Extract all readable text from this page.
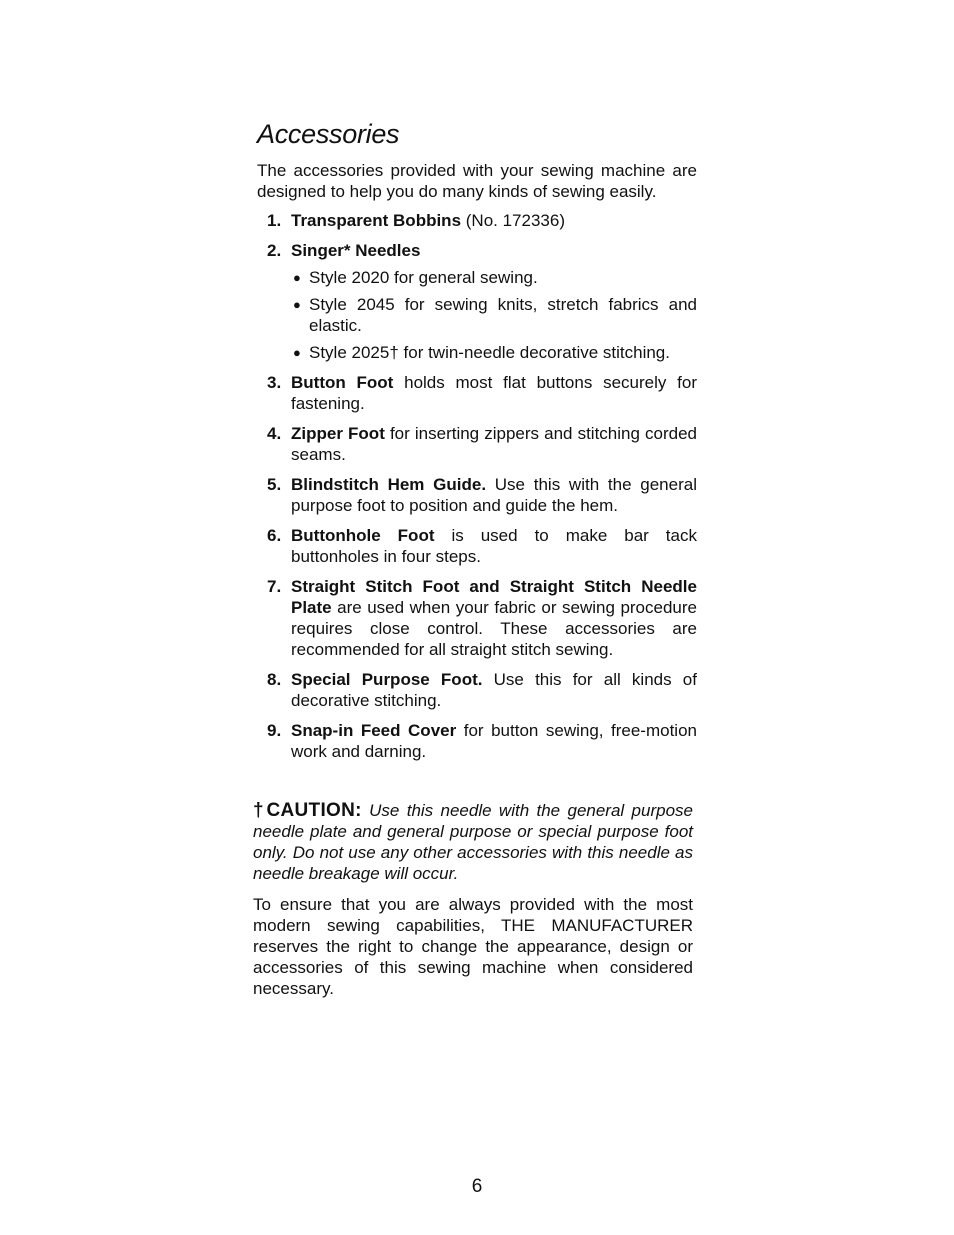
Accessories

The accessories provided with your sewing machine are designed to help you do many kinds of sewing easily.

1. Transparent Bobbins (No. 172336)
2. Singer* Needles
● Style 2020 for general sewing.
● Style 2045 for sewing knits, stretch fabrics and elastic.
● Style 2025† for twin-needle decorative stitching.
3. Button Foot holds most flat buttons securely for fastening.
4. Zipper Foot for inserting zippers and stitching corded seams.
5. Blindstitch Hem Guide. Use this with the general purpose foot to position and guide the hem.
6. Buttonhole Foot is used to make bar tack buttonholes in four steps.
7. Straight Stitch Foot and Straight Stitch Needle Plate are used when your fabric or sewing procedure requires close control. These accessories are recommended for all straight stitch sewing.
8. Special Purpose Foot. Use this for all kinds of decorative stitching.
9. Snap-in Feed Cover for button sewing, free-motion work and darning.

†CAUTION: Use this needle with the general purpose needle plate and general purpose or special purpose foot only. Do not use any other accessories with this needle as needle breakage will occur.

To ensure that you are always provided with the most modern sewing capabilities, THE MANUFACTURER reserves the right to change the appearance, design or accessories of this sewing machine when considered necessary.

6
